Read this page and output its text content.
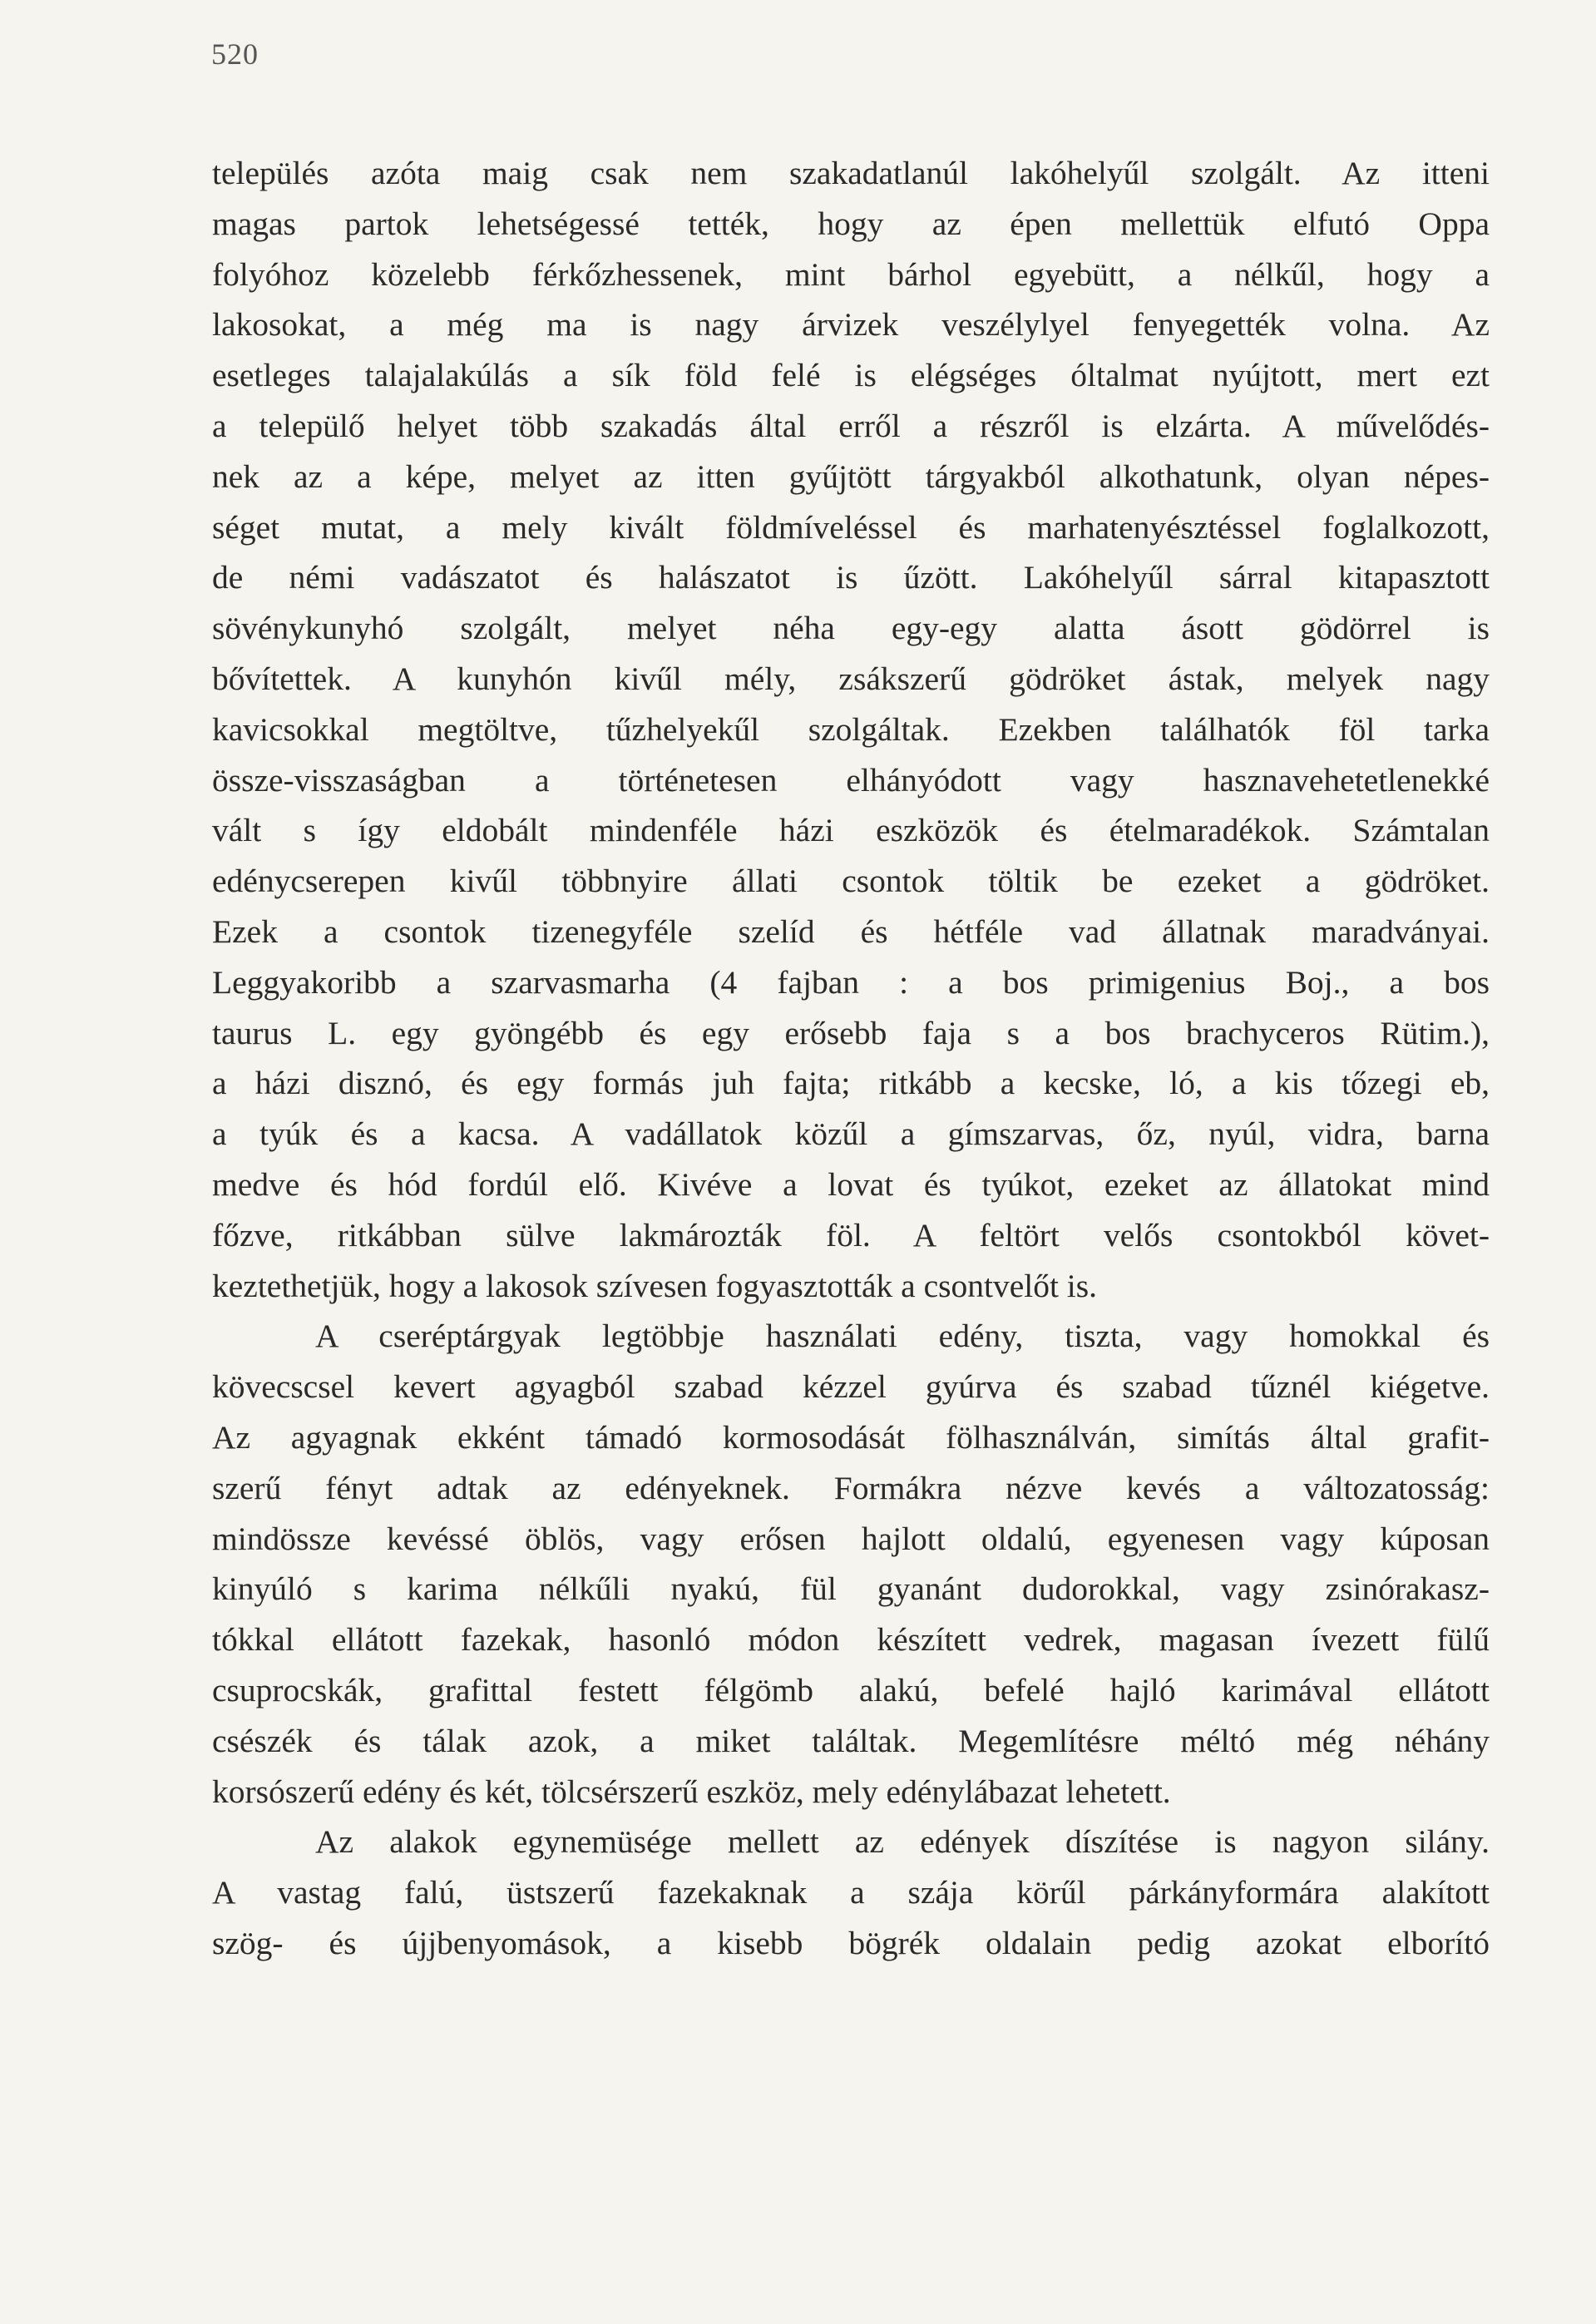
520
település azóta maig csak nem szakadatlanúl lakóhelyűl szolgált. Az itteni
magas partok lehetségessé tették, hogy az épen mellettük elfutó Oppa
folyóhoz közelebb férkőzhessenek, mint bárhol egyebütt, a nélkűl, hogy a
lakosokat, a még ma is nagy árvizek veszélylyel fenyegették volna. Az
esetleges talajalakúlás a sík föld felé is elégséges óltalmat nyújtott, mert ezt
a települő helyet több szakadás által erről a részről is elzárta. A művelődés-
nek az a képe, melyet az itten gyűjtött tárgyakból alkothatunk, olyan népes-
séget mutat, a mely kivált földmíveléssel és marhatenyésztéssel foglalkozott,
de némi vadászatot és halászatot is űzött. Lakóhelyűl sárral kitapasztott
sövénykunyhó szolgált, melyet néha egy-egy alatta ásott gödörrel is
bővítettek. A kunyhón kivűl mély, zsákszerű gödröket ástak, melyek nagy
kavicsokkal megtöltve, tűzhelyekűl szolgáltak. Ezekben találhatók föl tarka
össze-visszaságban a történetesen elhányódott vagy hasznavehetetlenekké
vált s így eldobált mindenféle házi eszközök és ételmaradékok. Számtalan
edénycserepen kivűl többnyire állati csontok töltik be ezeket a gödröket.
Ezek a csontok tizenegyféle szelíd és hétféle vad állatnak maradványai.
Leggyakoribb a szarvasmarha (4 fajban : a bos primigenius Boj., a bos
taurus L. egy gyöngébb és egy erősebb faja s a bos brachyceros Rütim.),
a házi disznó, és egy formás juh fajta; ritkább a kecske, ló, a kis tőzegi eb,
a tyúk és a kacsa. A vadállatok közűl a gímszarvas, őz, nyúl, vidra, barna
medve és hód fordúl elő. Kivéve a lovat és tyúkot, ezeket az állatokat mind
főzve, ritkábban sülve lakmározták föl. A feltört velős csontokból követ-
keztethetjük, hogy a lakosok szívesen fogyasztották a csontvelőt is.
A cseréptárgyak legtöbbje használati edény, tiszta, vagy homokkal és
kövecscsel kevert agyagból szabad kézzel gyúrva és szabad tűznél kiégetve.
Az agyagnak ekként támadó kormosodását fölhasználván, simítás által grafit-
szerű fényt adtak az edényeknek. Formákra nézve kevés a változatosság:
mindössze kevéssé öblös, vagy erősen hajlott oldalú, egyenesen vagy kúposan
kinyúló s karima nélkűli nyakú, fül gyanánt dudorokkal, vagy zsinórakasz-
tókkal ellátott fazekak, hasonló módon készített vedrek, magasan ívezett fülű
csuprocskák, grafittal festett félgömb alakú, befelé hajló karimával ellátott
csészék és tálak azok, a miket találtak. Megemlítésre méltó még néhány
korsószerű edény és két, tölcsérszerű eszköz, mely edénylábazat lehetett.
Az alakok egynemüsége mellett az edények díszítése is nagyon silány.
A vastag falú, üstszerű fazekaknak a szája körűl párkányformára alakított
szög- és újjbenyomások, a kisebb bögrék oldalain pedig azokat elborító
